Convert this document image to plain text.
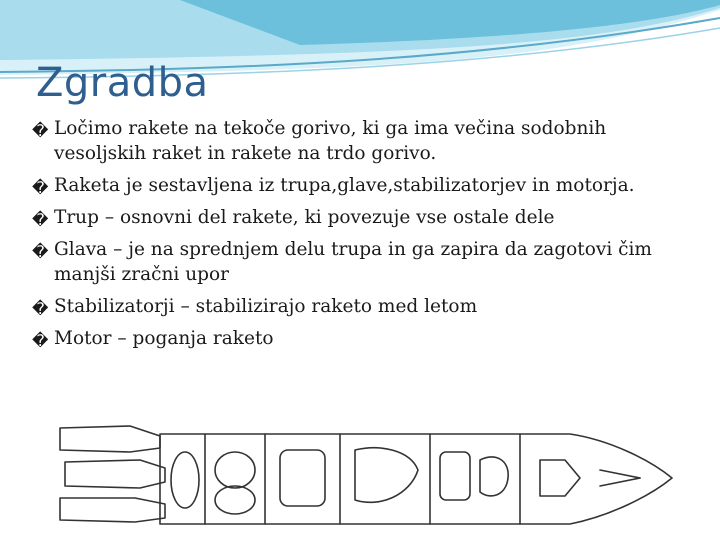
Zgradba
� Ločimo rakete na tekoče gorivo, ki ga ima večina sodobnih vesoljskih raket in rakete na trdo gorivo.
� Raketa je sestavljena iz trupa,glave,stabilizatorjev in motorja.
� Trup – osnovni del rakete, ki povezuje vse ostale dele
� Glava – je na sprednjem delu trupa in ga zapira da zagotovi čim manjši zračni upor
� Stabilizatorji – stabilizirajo raketo med letom
� Motor – poganja raketo
